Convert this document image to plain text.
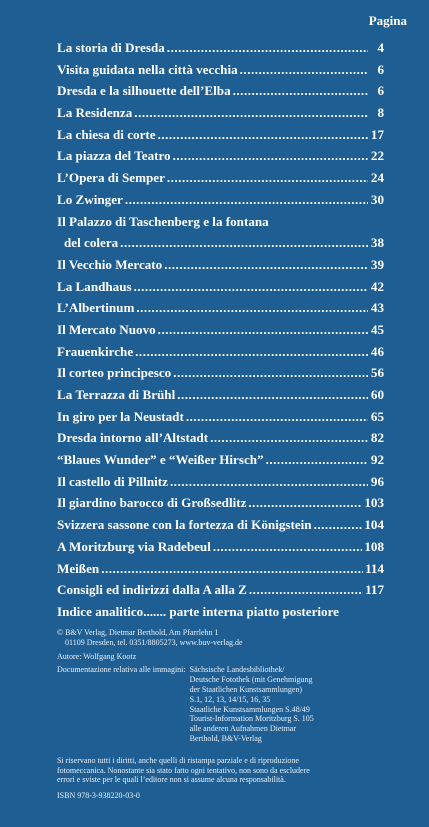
Pagina
La storia di Dresda .....	4
Visita guidata nella città vecchia .....	6
Dresda e la silhouette dell’Elba .....	6
La Residenza .....	8
La chiesa di corte .....	17
La piazza del Teatro .....	22
L’Opera di Semper .....	24
Lo Zwinger .....	30
Il Palazzo di Taschenberg e la fontana
del colera .....	38
Il Vecchio Mercato .....	39
La Landhaus .....	42
L’Albertinum .....	43
Il Mercato Nuovo .....	45
Frauenkirche .....	46
Il corteo principesco .....	56
La Terrazza di Brühl .....	60
In giro per la Neustadt .....	65
Dresda intorno all’Altstadt .....	82
“Blaues Wunder” e “Weißer Hirsch” .....	92
Il castello di Pillnitz .....	96
Il giardino barocco di Großsedlitz .....	103
Svizzera sassone con la fortezza di Königstein .....	104
A Moritzburg via Radebeul .....	108
Meißen .....	114
Consigli ed indirizzi dalla A alla Z .....	117
Indice analitico .......
parte interna piatto posteriore
© B&V Verlag, Dietmar Berthold, Am Pfarrlehn 1
01109 Dresden, tel. 0351/8805273, www.buv-verlag.de
Autore: Wolfgang Kootz
Documentazione relativa alle immagini: Sächsische Landesbibliothek/
Deutsche Fotothek (mit Genehmigung
der Staatlichen Kunstsammlungen)
S.1, 12, 13, 14/15, 16, 35
Staatliche Kunstsammlungen S.48/49
Tourist-Information Moritzburg S. 105
alle anderen Aufnahmen Dietmar
Berthold, B&V-Verlag
Si riservano tutti i diritti, anche quelli di ristampa parziale e di riproduzione
fotomeccanica. Nonostante sia stato fatto ogni tentativo, non sono da escludere
errori e sviste per le quali l’editore non si assume alcuna responsabilità.
ISBN 978-3-938220-03-0
